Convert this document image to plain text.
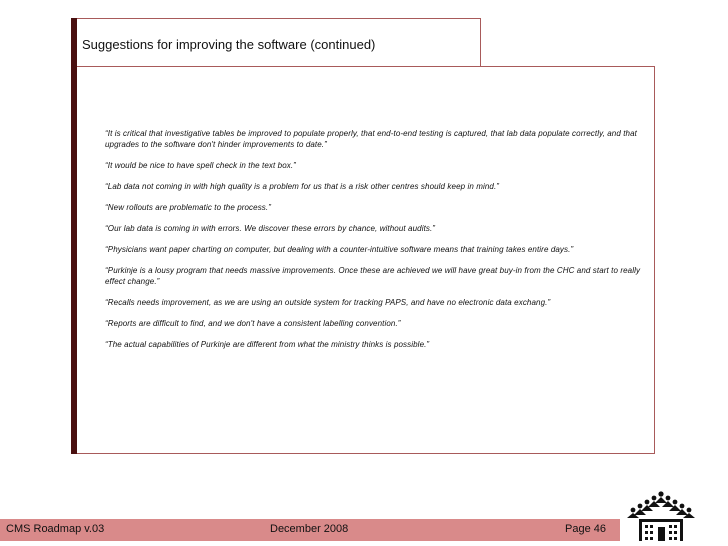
Suggestions for improving the software (continued)
“It is critical that investigative tables be improved to populate properly, that end-to-end testing is captured, that lab data populate correctly, and that upgrades to the software don't hinder improvements to date.”
“It would be nice to have spell check in the text box.”
“Lab data not coming in with high quality is a problem for us that is a risk other centres should keep in mind.”
“New rollouts are problematic to the process.”
“Our lab data is coming in with errors. We discover these errors by chance, without audits.”
“Physicians want paper charting on computer, but dealing with a counter-intuitive software means that training takes entire days.”
“Purkinje is a lousy program that needs massive improvements. Once these are achieved we will have great buy-in from the CHC and start to really effect change.”
“Recalls needs improvement, as we are using an outside system for tracking PAPS, and have no electronic data exchang.”
“Reports are difficult to find, and we don't have a consistent labelling convention.”
“The actual capabilities of Purkinje are different from what the ministry thinks is possible.”
CMS Roadmap v.03	December 2008	Page 46
